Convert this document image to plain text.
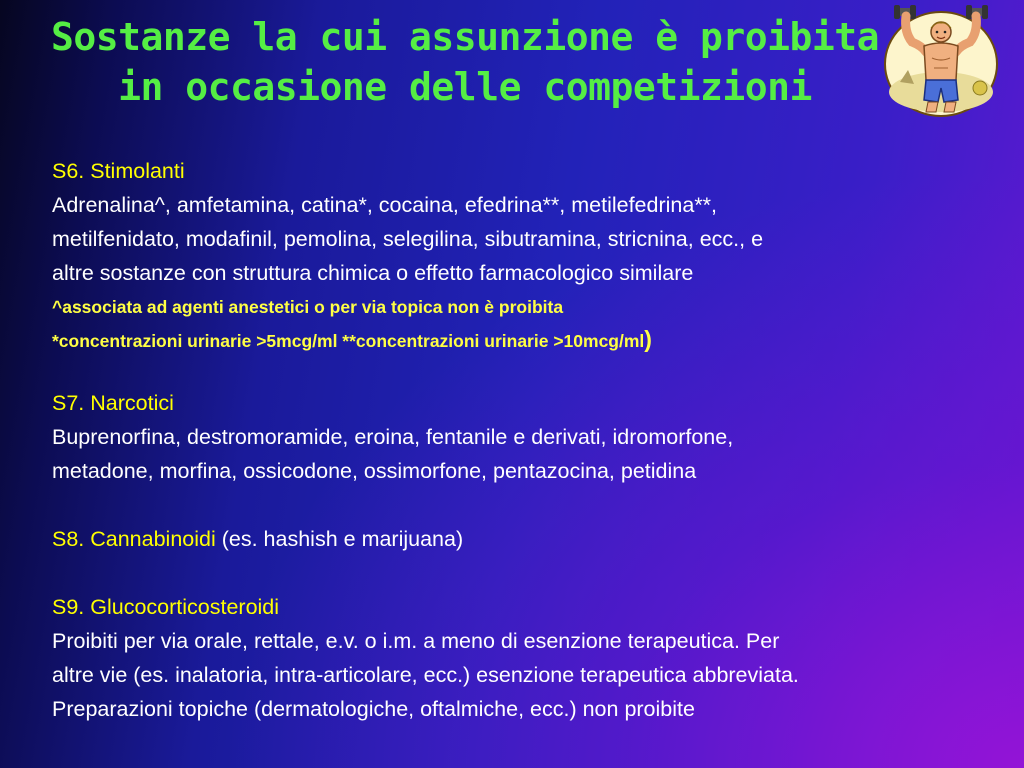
Sostanze la cui assunzione è proibita
in occasione delle competizioni
S6. Stimolanti
Adrenalina^, amfetamina, catina*, cocaina, efedrina**, metilefedrina**,
metilfenidato, modafinil, pemolina, selegilina, sibutramina, stricnina, ecc., e
altre sostanze con struttura chimica o effetto farmacologico similare
^associata ad agenti anestetici o per via topica non è proibita
*concentrazioni urinarie >5mcg/ml **concentrazioni urinarie >10mcg/ml)
S7. Narcotici
Buprenorfina, destromoramide, eroina, fentanile e derivati, idromorfone,
metadone, morfina, ossicodone, ossimorfone, pentazocina, petidina
S8. Cannabinoidi (es. hashish e marijuana)
S9. Glucocorticosteroidi
Proibiti per via orale, rettale, e.v. o i.m. a meno di esenzione terapeutica. Per
altre vie (es. inalatoria, intra-articolare, ecc.) esenzione terapeutica abbreviata.
Preparazioni topiche (dermatologiche, oftalmiche, ecc.) non proibite
